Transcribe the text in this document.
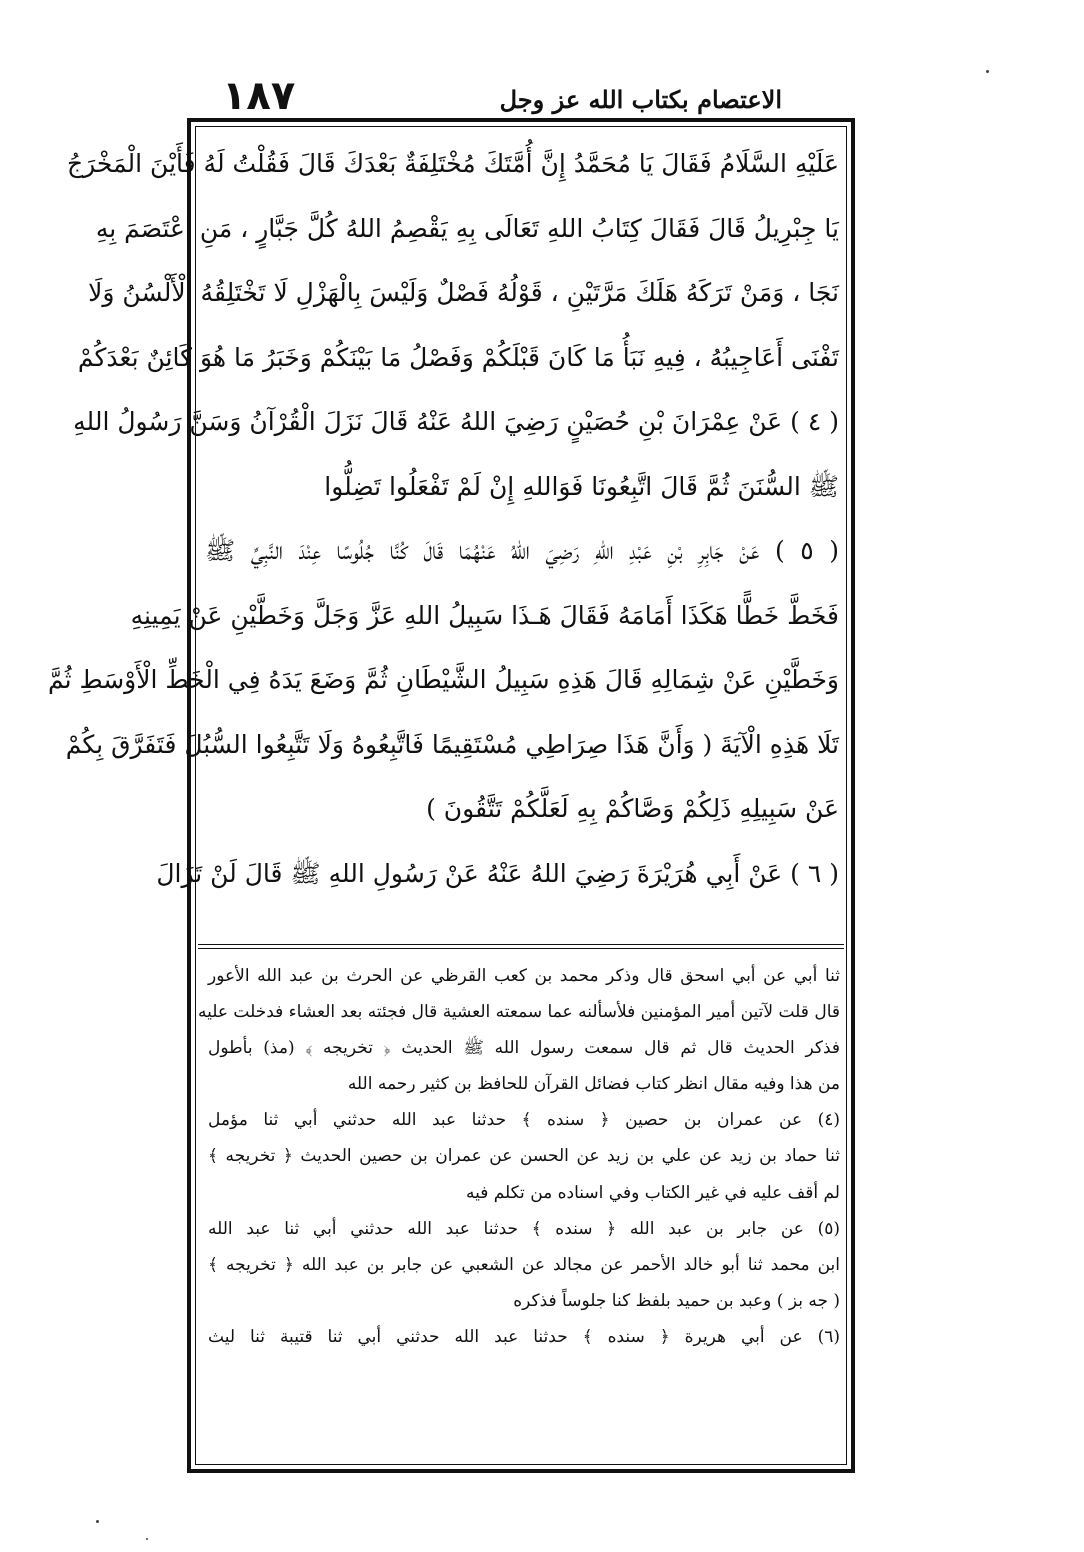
١٨٧	الاعتصام بكتاب الله عز وجل
عَلَيْهِ السَّلَامُ فَقَالَ يَا مُحَمَّدُ إِنَّ أُمَّتَكَ مُخْتَلِفَةٌ بَعْدَكَ قَالَ فَقُلْتُ لَهُ فَأَيْنَ الْمَخْرَجُ
يَا جِبْرِيلُ قَالَ فَقَالَ كِتَابُ اللهِ تَعَالَى بِهِ يَقْصِمُ اللهُ كُلَّ جَبَّارٍ ، مَنِ اعْتَصَمَ بِهِ
نَجَا ، وَمَنْ تَرَكَهُ هَلَكَ مَرَّتَيْنِ ، قَوْلُهُ فَصْلٌ وَلَيْسَ بِالْهَزْلِ لَا تَخْتَلِقُهُ الْأَلْسُنُ وَلَا
تَفْنَى أَعَاجِيبُهُ ، فِيهِ نَبَأُ مَا كَانَ قَبْلَكُمْ وَفَصْلُ مَا بَيْنَكُمْ وَخَبَرُ مَا هُوَ كَائِنٌ بَعْدَكُمْ
( ٤ ) عَنْ عِمْرَانَ بْنِ حُصَيْنٍ رَضِيَ اللهُ عَنْهُ قَالَ نَزَلَ الْقُرْآنُ وَسَنَّ رَسُولُ اللهِ
ﷺ السُّنَنَ ثُمَّ قَالَ اتَّبِعُونَا فَوَاللهِ إِنْ لَمْ تَفْعَلُوا تَضِلُّوا
( ٥ ) عَنْ جَابِرِ بْنِ عَبْدِ اللهِ رَضِيَ اللهُ عَنْهُمَا قَالَ كُنَّا جُلُوسًا عِنْدَ النَّبِيِّ ﷺ
فَخَطَّ خَطًّا هَكَذَا أَمَامَهُ فَقَالَ هَـذَا سَبِيلُ اللهِ عَزَّ وَجَلَّ وَخَطَّيْنِ عَنْ يَمِينِهِ
وَخَطَّيْنِ عَنْ شِمَالِهِ قَالَ هَذِهِ سَبِيلُ الشَّيْطَانِ ثُمَّ وَضَعَ يَدَهُ فِي الْخَطِّ الْأَوْسَطِ ثُمَّ
تَلَا هَذِهِ الْآيَةَ ( وَأَنَّ هَذَا صِرَاطِي مُسْتَقِيمًا فَاتَّبِعُوهُ وَلَا تَتَّبِعُوا السُّبُلَ فَتَفَرَّقَ بِكُمْ
عَنْ سَبِيلِهِ ذَلِكُمْ وَصَّاكُمْ بِهِ لَعَلَّكُمْ تَتَّقُونَ )
( ٦ ) عَنْ أَبِي هُرَيْرَةَ رَضِيَ اللهُ عَنْهُ عَنْ رَسُولِ اللهِ ﷺ قَالَ لَنْ تَزَالَ
ثنا أبي عن أبي اسحق قال وذكر محمد بن كعب القرظي عن الحرث بن عبد الله الأعور
قال قلت لآتين أمير المؤمنين فلأسألنه عما سمعته العشية قال فجئته بعد العشاء فدخلت عليه
فذكر الحديث قال ثم قال سمعت رسول الله ﷺ الحديث ﴿ تخريجه ﴾ (مذ) بأطول
من هذا وفيه مقال انظر كتاب فضائل القرآن للحافظ بن كثير رحمه الله
(٤) عن عمران بن حصين ﴿ سنده ﴾ حدثنا عبد الله حدثني أبي ثنا مؤمل
ثنا حماد بن زيد عن علي بن زيد عن الحسن عن عمران بن حصين الحديث ﴿ تخريجه ﴾
لم أقف عليه في غير الكتاب وفي اسناده من تكلم فيه
(٥) عن جابر بن عبد الله ﴿ سنده ﴾ حدثنا عبد الله حدثني أبي ثنا عبد الله
ابن محمد ثنا أبو خالد الأحمر عن مجالد عن الشعبي عن جابر بن عبد الله ﴿ تخريجه ﴾
( جه بز ) وعبد بن حميد بلفظ كنا جلوساً فذكره
(٦) عن أبي هريرة ﴿ سنده ﴾ حدثنا عبد الله حدثني أبي ثنا قتيبة ثنا ليث
